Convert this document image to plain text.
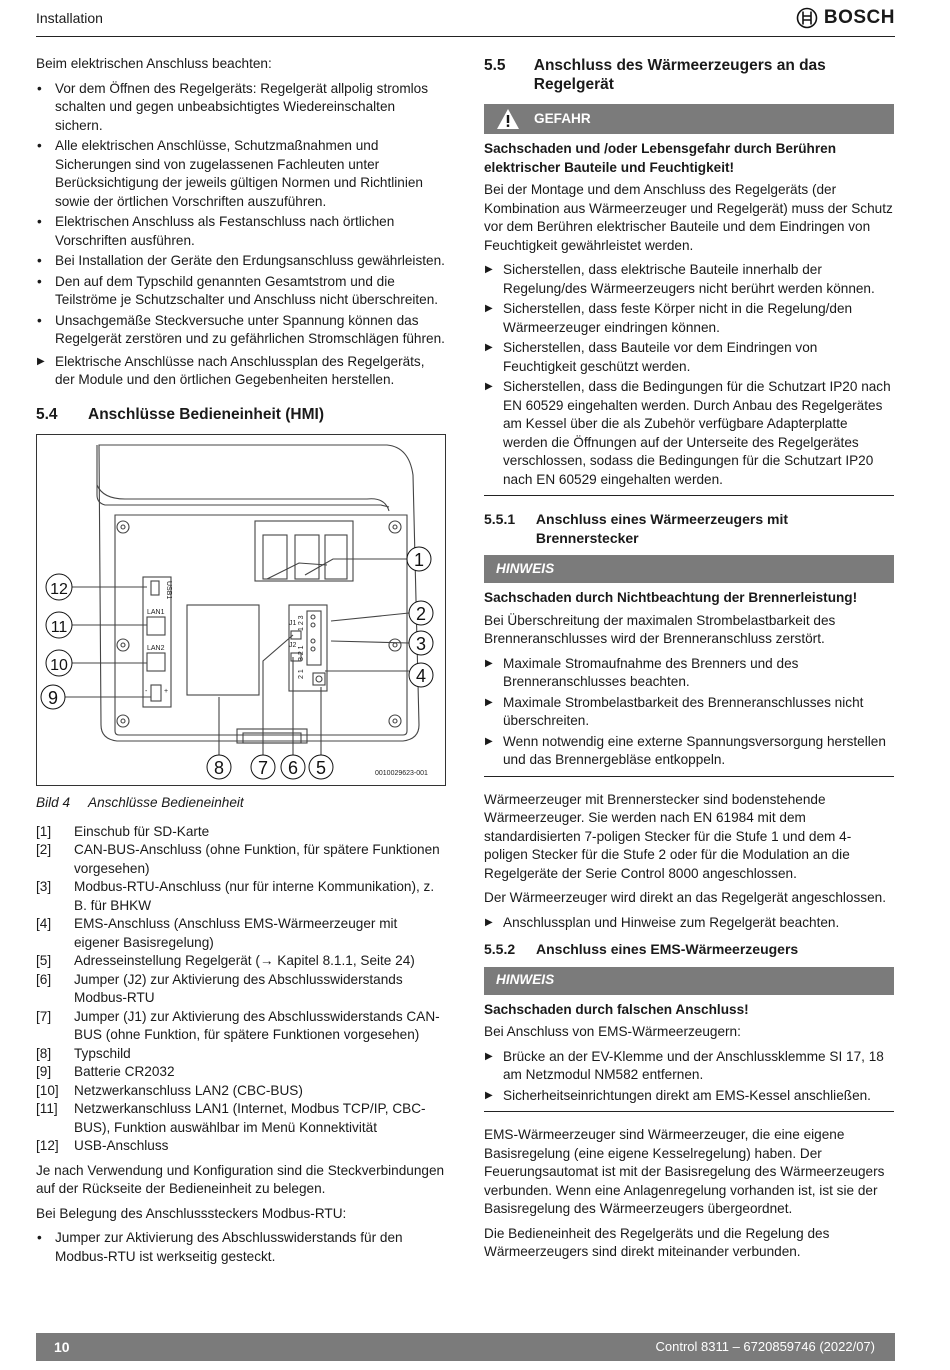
Installation	BOSCH

Beim elektrischen Anschluss beachten:

• Vor dem Öffnen des Regelgeräts: Regelgerät allpolig stromlos schalten und gegen unbeabsichtigtes Wiedereinschalten sichern.
• Alle elektrischen Anschlüsse, Schutzmaßnahmen und Sicherungen sind von zugelassenen Fachleuten unter Berücksichtigung der jeweils gültigen Normen und Richtlinien sowie der örtlichen Vorschriften auszuführen.
• Elektrischen Anschluss als Festanschluss nach örtlichen Vorschriften ausführen.
• Bei Installation der Geräte den Erdungsanschluss gewährleisten.
• Den auf dem Typschild genannten Gesamtstrom und die Teilströme je Schutzschalter und Anschluss nicht überschreiten.
• Unsachgemäße Steckversuche unter Spannung können das Regelgerät zerstören und zu gefährlichen Stromschlägen führen.
▶ Elektrische Anschlüsse nach Anschlussplan des Regelgeräts, der Module und den örtlichen Gegebenheiten herstellen.
5.4	Anschlüsse Bedieneinheit (HMI)
USB1
LAN1
LAN2
- +
J1
J2
1 2 3
3 2 1
2 1
0010029623-001
1
2
3
4
5
6
7
8
9
10
11
12
Bild 4	Anschlüsse Bedieneinheit
[1]	Einschub für SD-Karte
[2]	CAN-BUS-Anschluss (ohne Funktion, für spätere Funktionen vorgesehen)
[3]	Modbus-RTU-Anschluss (nur für interne Kommunikation), z. B. für BHKW
[4]	EMS-Anschluss (Anschluss EMS-Wärmeerzeuger mit eigener Basisregelung)
[5]	Adresseinstellung Regelgerät (→ Kapitel 8.1.1, Seite 24)
[6]	Jumper (J2) zur Aktivierung des Abschlusswiderstands Modbus-RTU
[7]	Jumper (J1) zur Aktivierung des Abschlusswiderstands CAN-BUS (ohne Funktion, für spätere Funktionen vorgesehen)
[8]	Typschild
[9]	Batterie CR2032
[10]	Netzwerkanschluss LAN2 (CBC-BUS)
[11]	Netzwerkanschluss LAN1 (Internet, Modbus TCP/IP, CBC-BUS), Funktion auswählbar im Menü Konnektivität
[12]	USB-Anschluss

Je nach Verwendung und Konfiguration sind die Steckverbindungen auf der Rückseite der Bedieneinheit zu belegen.

Bei Belegung des Anschlusssteckers Modbus-RTU:

• Jumper zur Aktivierung des Abschlusswiderstands für den Modbus-RTU ist werkseitig gesteckt.
5.5	Anschluss des Wärmeerzeugers an das Regelgerät
GEFAHR
Sachschaden und /oder Lebensgefahr durch Berühren elektrischer Bauteile und Feuchtigkeit!

Bei der Montage und dem Anschluss des Regelgeräts (der Kombination aus Wärmeerzeuger und Regelgerät) muss der Schutz vor dem Berühren elektrischer Bauteile und dem Eindringen von Feuchtigkeit gewährleistet werden.

▶ Sicherstellen, dass elektrische Bauteile innerhalb der Regelung/des Wärmeerzeugers nicht berührt werden können.
▶ Sicherstellen, dass feste Körper nicht in die Regelung/den Wärmeerzeuger eindringen können.
▶ Sicherstellen, dass Bauteile vor dem Eindringen von Feuchtigkeit geschützt werden.
▶ Sicherstellen, dass die Bedingungen für die Schutzart IP20 nach EN 60529 eingehalten werden. Durch Anbau des Regelgerätes am Kessel über die als Zubehör verfügbare Adapterplatte werden die Öffnungen auf der Unterseite des Regelgerätes verschlossen, sodass die Bedingungen für die Schutzart IP20 nach EN 60529 eingehalten werden.
5.5.1	Anschluss eines Wärmeerzeugers mit Brennerstecker
HINWEIS
Sachschaden durch Nichtbeachtung der Brennerleistung!

Bei Überschreitung der maximalen Strombelastbarkeit des Brenneranschlusses wird der Brenneranschluss zerstört.

▶ Maximale Stromaufnahme des Brenners und des Brenneranschlusses beachten.
▶ Maximale Strombelastbarkeit des Brenneranschlusses nicht überschreiten.
▶ Wenn notwendig eine externe Spannungsversorgung herstellen und das Brennergebläse entkoppeln.

Wärmeerzeuger mit Brennerstecker sind bodenstehende Wärmeerzeuger. Sie werden nach EN 61984 mit dem standardisierten 7-poligen Stecker für die Stufe 1 und dem 4-poligen Stecker für die Stufe 2 oder für die Modulation an die Regelgeräte der Serie Control 8000 angeschlossen.

Der Wärmeerzeuger wird direkt an das Regelgerät angeschlossen.

▶ Anschlussplan und Hinweise zum Regelgerät beachten.
5.5.2	Anschluss eines EMS-Wärmeerzeugers
HINWEIS
Sachschaden durch falschen Anschluss!

Bei Anschluss von EMS-Wärmeerzeugern:

▶ Brücke an der EV-Klemme und der Anschlussklemme SI 17, 18 am Netzmodul NM582 entfernen.
▶ Sicherheitseinrichtungen direkt am EMS-Kessel anschließen.

EMS-Wärmeerzeuger sind Wärmeerzeuger, die eine eigene Basisregelung (eine eigene Kesselregelung) haben. Der Feuerungsautomat ist mit der Basisregelung des Wärmeerzeugers verbunden. Wenn eine Anlagenregelung vorhanden ist, ist sie der Basisregelung des Wärmeerzeugers übergeordnet.

Die Bedieneinheit des Regelgeräts und die Regelung des Wärmeerzeugers sind direkt miteinander verbunden.

10	Control 8311 – 6720859746 (2022/07)
